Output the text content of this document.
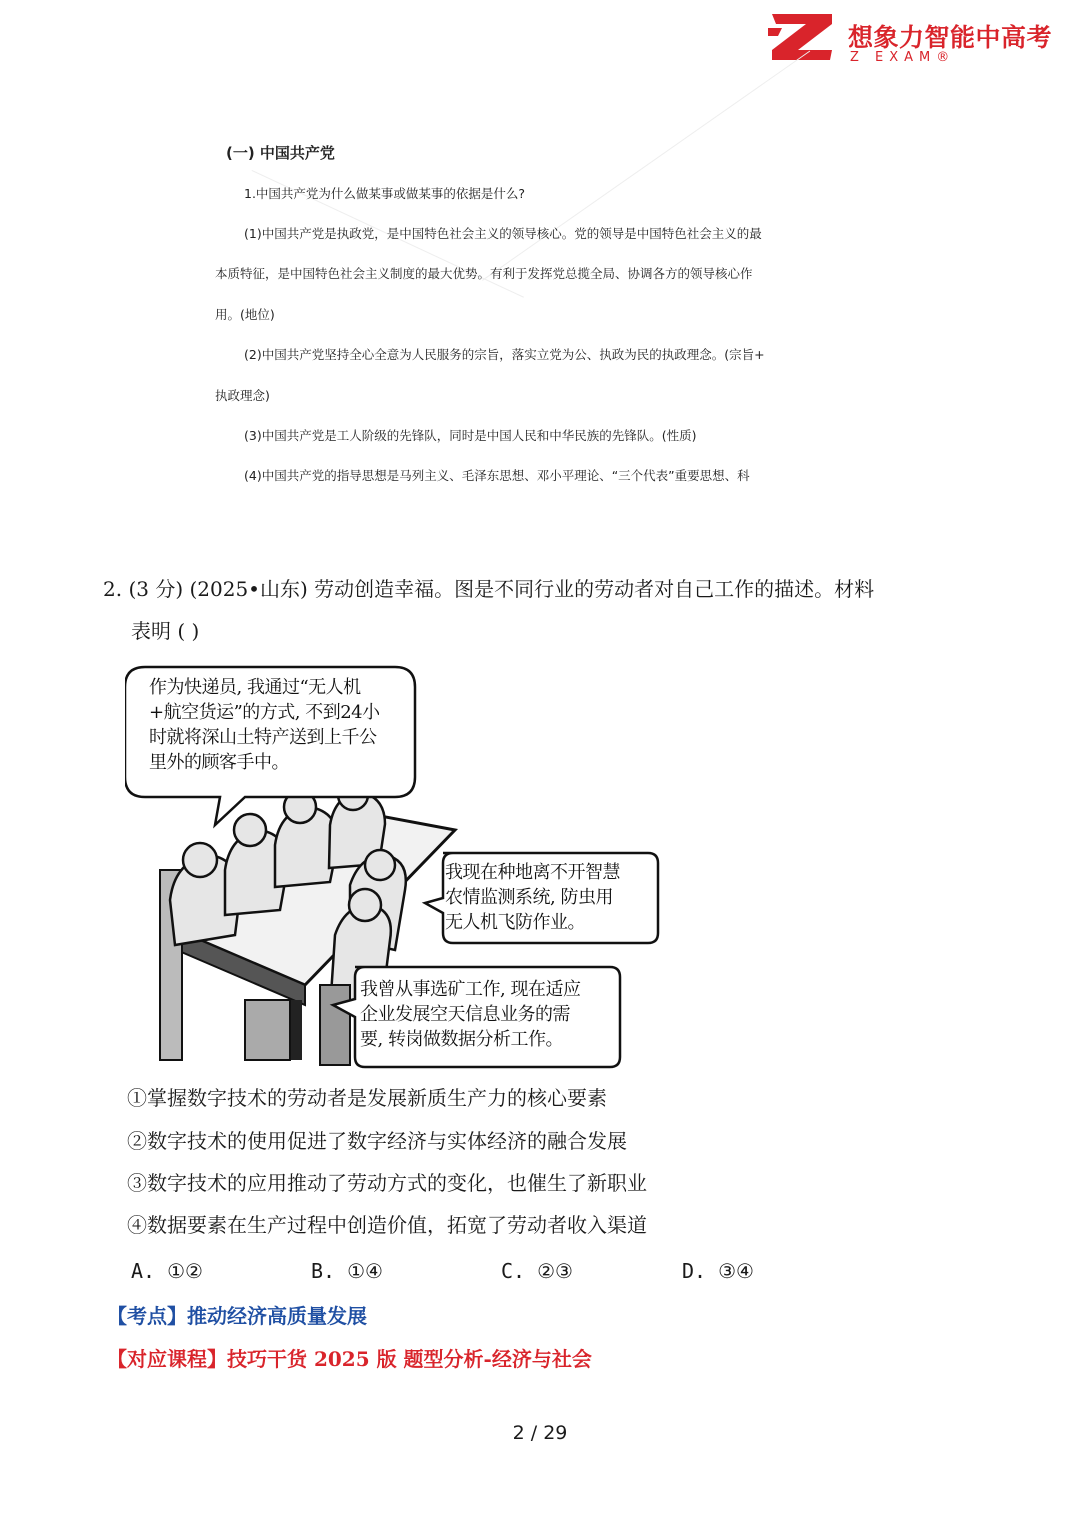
想象力智能中高考
Z EXAM®
(一) 中国共产党
1.中国共产党为什么做某事或做某事的依据是什么?
(1)中国共产党是执政党，是中国特色社会主义的领导核心。党的领导是中国特色社会主义的最
本质特征，是中国特色社会主义制度的最大优势。有利于发挥党总揽全局、协调各方的领导核心作
用。(地位)
(2)中国共产党坚持全心全意为人民服务的宗旨，落实立党为公、执政为民的执政理念。(宗旨+
执政理念)
(3)中国共产党是工人阶级的先锋队，同时是中国人民和中华民族的先锋队。(性质)
(4)中国共产党的指导思想是马列主义、毛泽东思想、邓小平理论、“三个代表”重要思想、科
2. (3 分) (2025•山东) 劳动创造幸福。图是不同行业的劳动者对自己工作的描述。材料
表明 ( )
作为快递员, 我通过“无人机
+航空货运”的方式, 不到24小
时就将深山土特产送到上千公
里外的顾客手中。
我现在种地离不开智慧
农情监测系统, 防虫用
无人机飞防作业。
我曾从事选矿工作, 现在适应
企业发展空天信息业务的需
要, 转岗做数据分析工作。
①掌握数字技术的劳动者是发展新质生产力的核心要素
②数字技术的使用促进了数字经济与实体经济的融合发展
③数字技术的应用推动了劳动方式的变化，也催生了新职业
④数据要素在生产过程中创造价值，拓宽了劳动者收入渠道
A. ①②	B. ①④	C. ②③	D. ③④
【考点】推动经济高质量发展
【对应课程】技巧干货 2025 版 题型分析-经济与社会
2 / 29
